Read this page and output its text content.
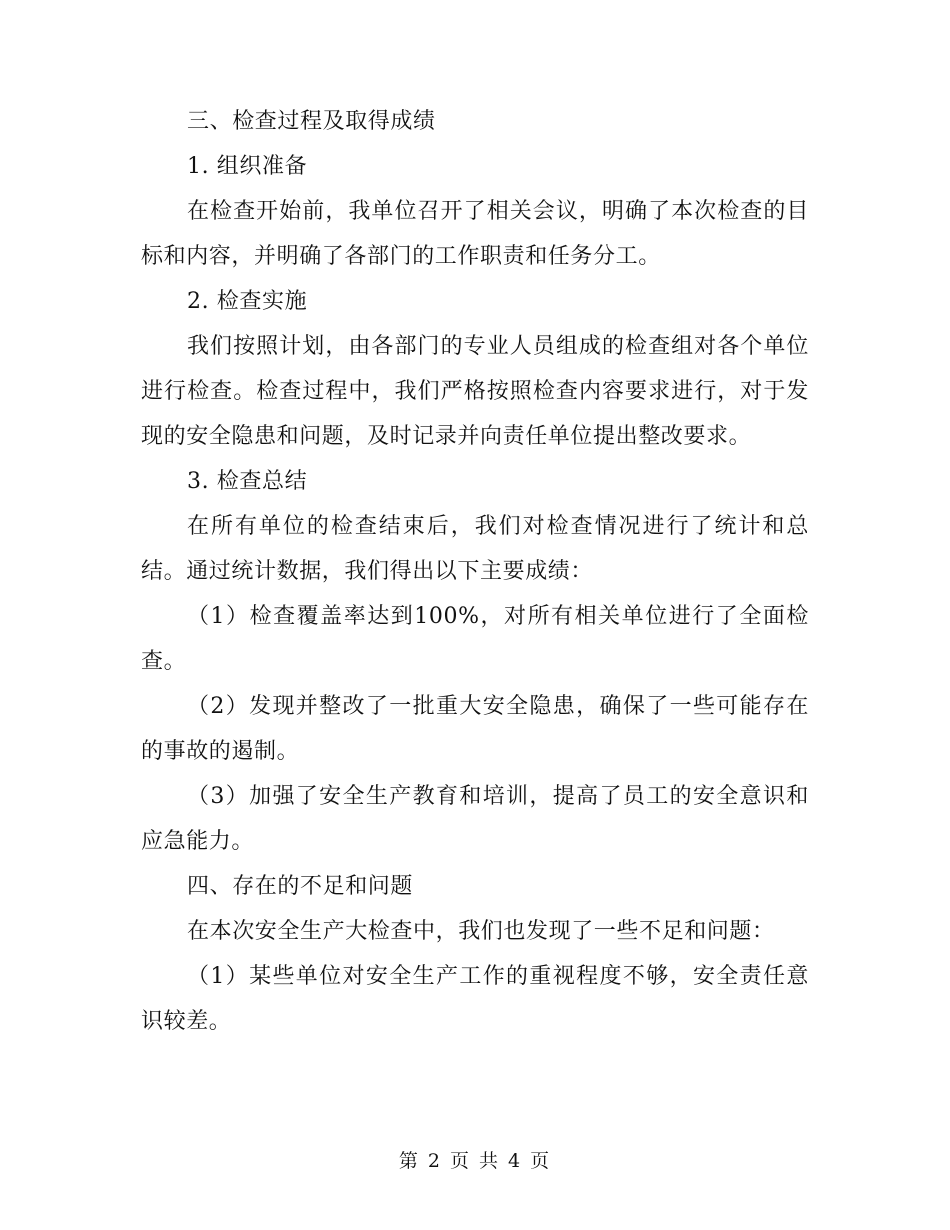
三、检查过程及取得成绩

1. 组织准备

在检查开始前，我单位召开了相关会议，明确了本次检查的目标和内容，并明确了各部门的工作职责和任务分工。

2. 检查实施

我们按照计划，由各部门的专业人员组成的检查组对各个单位进行检查。检查过程中，我们严格按照检查内容要求进行，对于发现的安全隐患和问题，及时记录并向责任单位提出整改要求。

3. 检查总结

在所有单位的检查结束后，我们对检查情况进行了统计和总结。通过统计数据，我们得出以下主要成绩：

（1）检查覆盖率达到100%，对所有相关单位进行了全面检查。

（2）发现并整改了一批重大安全隐患，确保了一些可能存在的事故的遏制。

（3）加强了安全生产教育和培训，提高了员工的安全意识和应急能力。

四、存在的不足和问题

在本次安全生产大检查中，我们也发现了一些不足和问题：

（1）某些单位对安全生产工作的重视程度不够，安全责任意识较差。

第 2 页 共 4 页
